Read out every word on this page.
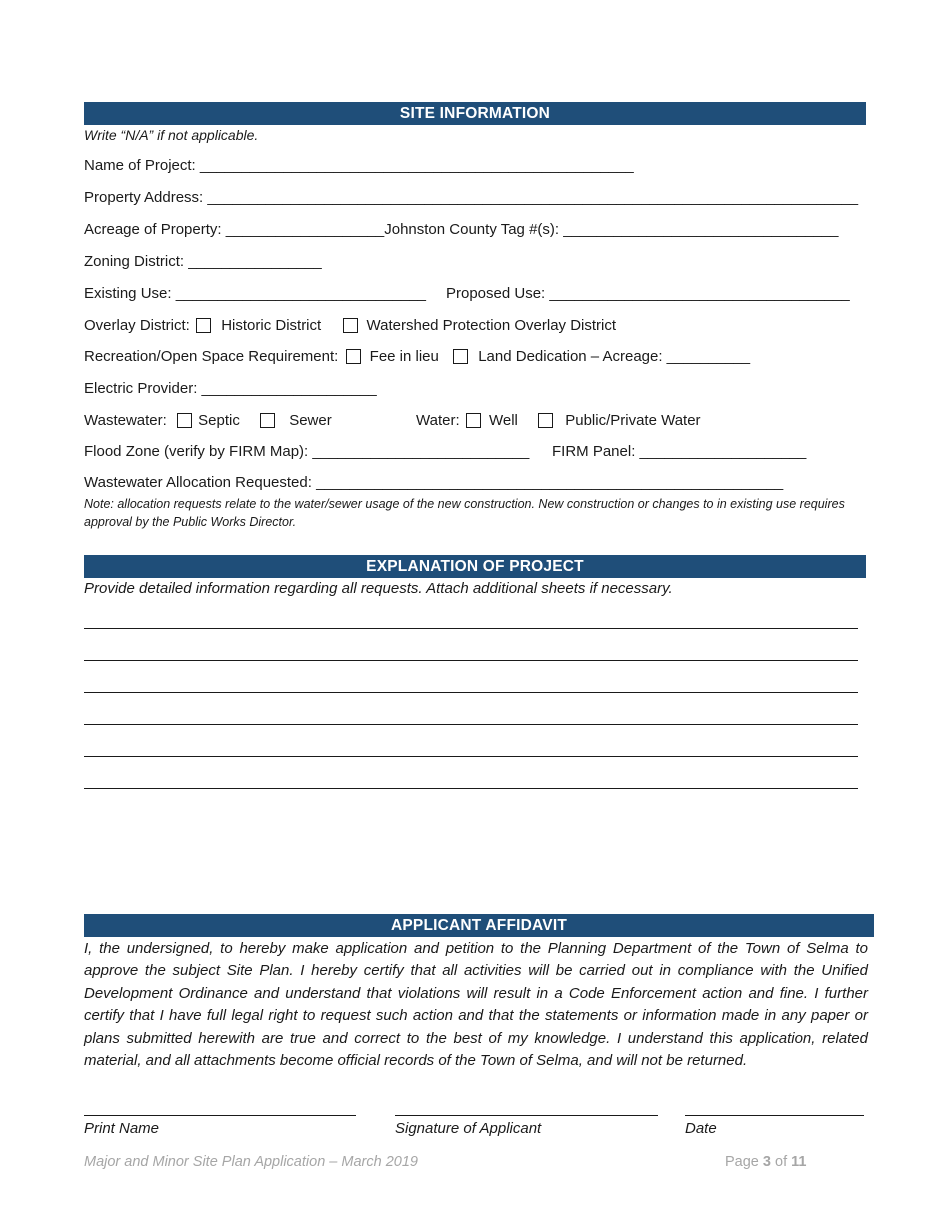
SITE INFORMATION
Write “N/A” if not applicable.
Name of Project: ____________________________________________________
Property Address: ______________________________________________________________________________
Acreage of Property: ___________________Johnston County Tag #(s): _________________________________
Zoning District: ________________
Existing Use: ______________________________ Proposed Use: ____________________________________
Overlay District: Historic District	Watershed Protection Overlay District
Recreation/Open Space Requirement: Fee in lieu	Land Dedication – Acreage: __________
Electric Provider: _____________________
Wastewater: Septic	Sewer	Water: Well	Public/Private Water
Flood Zone (verify by FIRM Map): __________________________ FIRM Panel: ____________________
Wastewater Allocation Requested: ________________________________________________________
Note: allocation requests relate to the water/sewer usage of the new construction. New construction or changes to in existing use requires approval by the Public Works Director.
EXPLANATION OF PROJECT
Provide detailed information regarding all requests. Attach additional sheets if necessary.
APPLICANT AFFIDAVIT
I, the undersigned, to hereby make application and petition to the Planning Department of the Town of Selma to approve the subject Site Plan. I hereby certify that all activities will be carried out in compliance with the Unified Development Ordinance and understand that violations will result in a Code Enforcement action and fine. I further certify that I have full legal right to request such action and that the statements or information made in any paper or plans submitted herewith are true and correct to the best of my knowledge. I understand this application, related material, and all attachments become official records of the Town of Selma, and will not be returned.
Print Name	Signature of Applicant	Date
Major and Minor Site Plan Application – March 2019	Page 3 of 11
